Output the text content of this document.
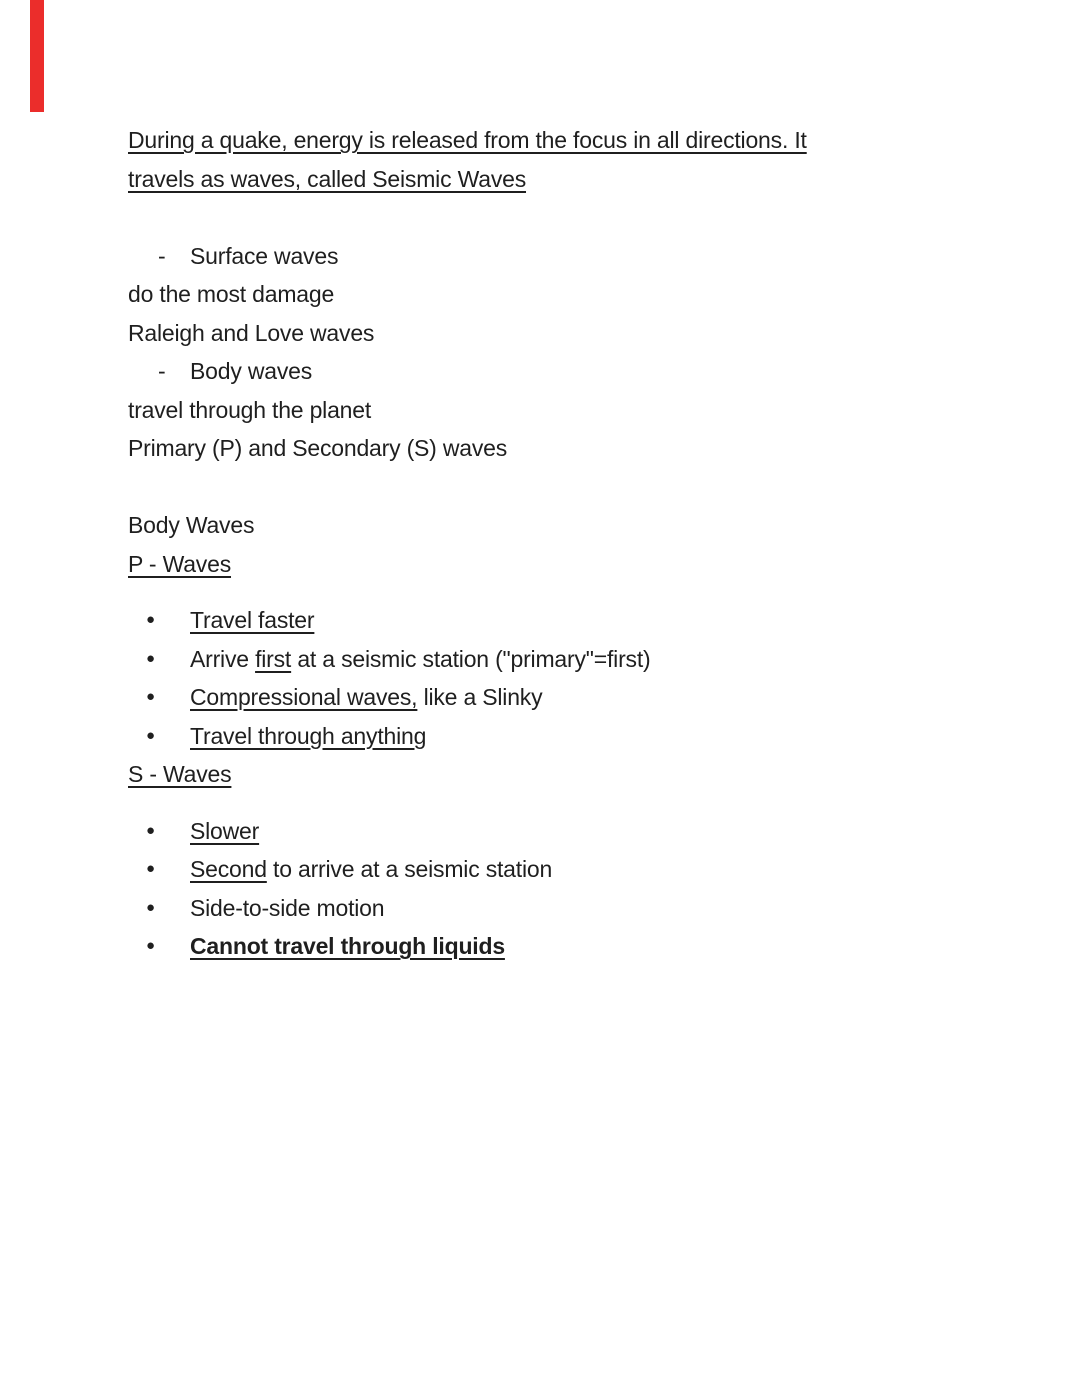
During a quake, energy is released from the focus in all directions. It
travels as waves, called Seismic Waves
- Surface waves
do the most damage
Raleigh and Love waves
- Body waves
travel through the planet
Primary (P) and Secondary (S) waves
Body Waves
P - Waves
● Travel faster
● Arrive first at a seismic station ("primary"=first)
● Compressional waves, like a Slinky
● Travel through anything
S - Waves
● Slower
● Second to arrive at a seismic station
● Side-to-side motion
● Cannot travel through liquids
